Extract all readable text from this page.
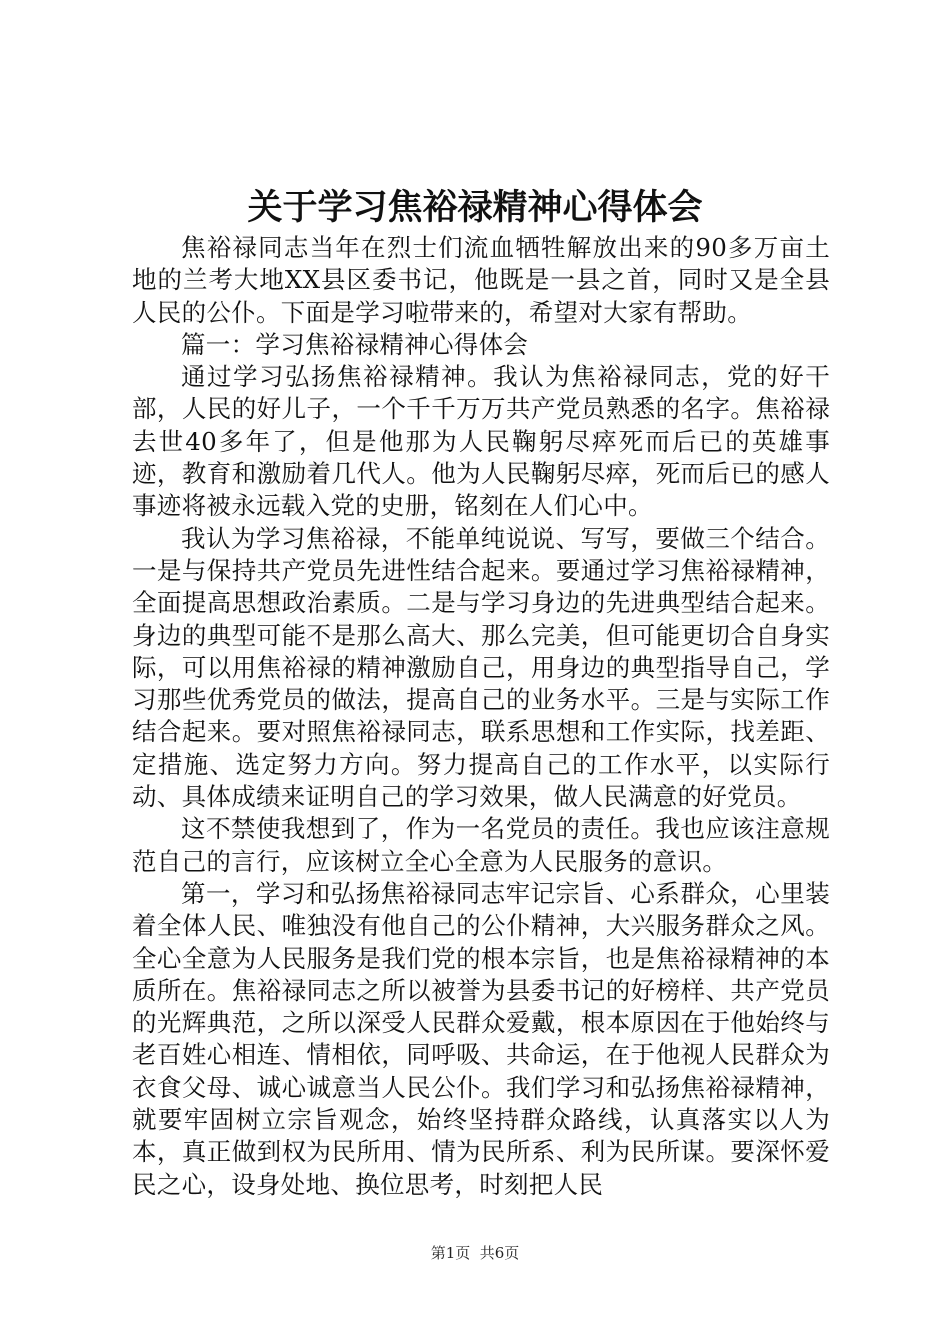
关于学习焦裕禄精神心得体会

焦裕禄同志当年在烈士们流血牺牲解放出来的90多万亩土地的兰考大地XX县区委书记，他既是一县之首，同时又是全县人民的公仆。下面是学习啦带来的，希望对大家有帮助。

篇一：学习焦裕禄精神心得体会

通过学习弘扬焦裕禄精神。我认为焦裕禄同志，党的好干部，人民的好儿子，一个千千万万共产党员熟悉的名字。焦裕禄去世40多年了，但是他那为人民鞠躬尽瘁死而后已的英雄事迹，教育和激励着几代人。他为人民鞠躬尽瘁，死而后已的感人事迹将被永远载入党的史册，铭刻在人们心中。

我认为学习焦裕禄，不能单纯说说、写写，要做三个结合。一是与保持共产党员先进性结合起来。要通过学习焦裕禄精神，全面提高思想政治素质。二是与学习身边的先进典型结合起来。身边的典型可能不是那么高大、那么完美，但可能更切合自身实际，可以用焦裕禄的精神激励自己，用身边的典型指导自己，学习那些优秀党员的做法，提高自己的业务水平。三是与实际工作结合起来。要对照焦裕禄同志，联系思想和工作实际，找差距、定措施、选定努力方向。努力提高自己的工作水平，以实际行动、具体成绩来证明自己的学习效果，做人民满意的好党员。

这不禁使我想到了，作为一名党员的责任。我也应该注意规范自己的言行，应该树立全心全意为人民服务的意识。

第一，学习和弘扬焦裕禄同志牢记宗旨、心系群众，心里装着全体人民、唯独没有他自己的公仆精神，大兴服务群众之风。全心全意为人民服务是我们党的根本宗旨，也是焦裕禄精神的本质所在。焦裕禄同志之所以被誉为县委书记的好榜样、共产党员的光辉典范，之所以深受人民群众爱戴，根本原因在于他始终与老百姓心相连、情相依，同呼吸、共命运，在于他视人民群众为衣食父母、诚心诚意当人民公仆。我们学习和弘扬焦裕禄精神，就要牢固树立宗旨观念，始终坚持群众路线，认真落实以人为本，真正做到权为民所用、情为民所系、利为民所谋。要深怀爱民之心，设身处地、换位思考，时刻把人民

第1页  共6页
